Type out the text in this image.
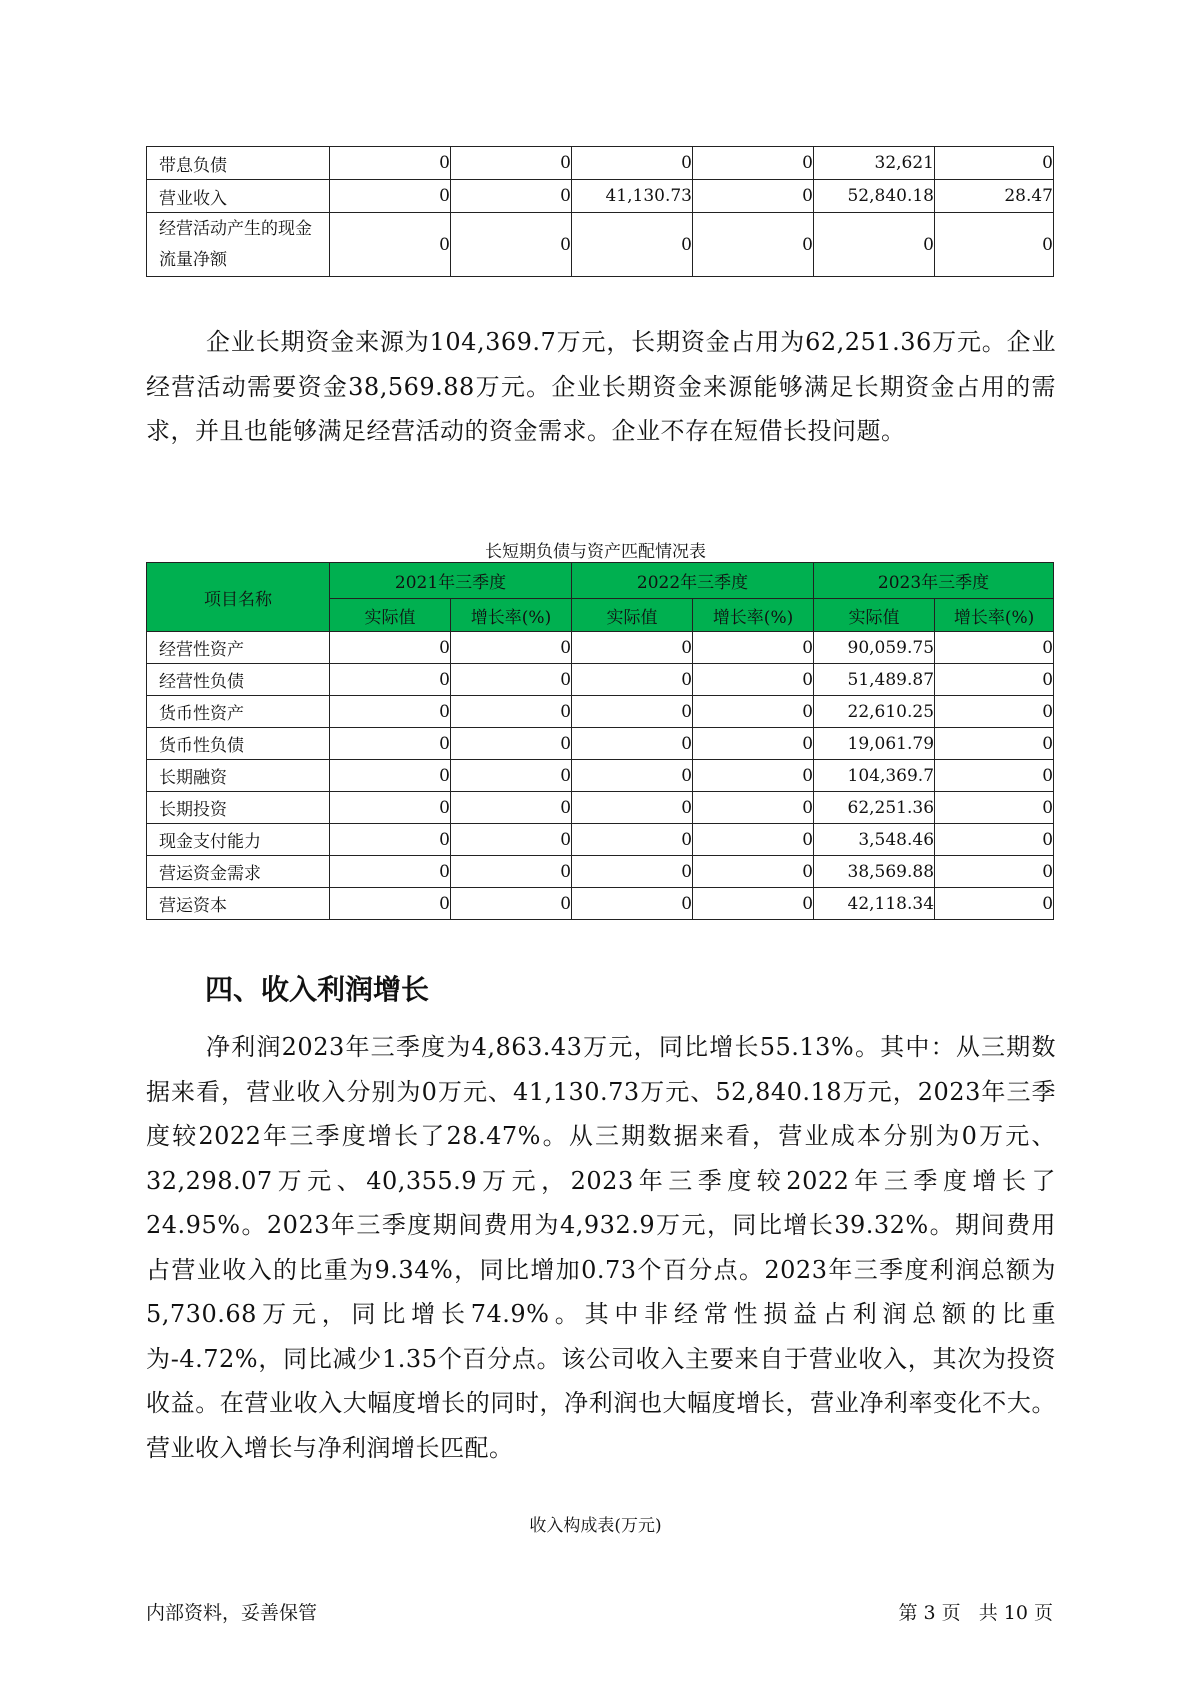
带息负债	0	0	0	0	32,621	0
营业收入	0	0	41,130.73	0	52,840.18	28.47
经营活动产生的现金流量净额	0	0	0	0	0	0

企业长期资金来源为104,369.7万元，长期资金占用为62,251.36万元。企业经营活动需要资金38,569.88万元。企业长期资金来源能够满足长期资金占用的需求，并且也能够满足经营活动的资金需求。企业不存在短借长投问题。

长短期负债与资产匹配情况表
项目名称	2021年三季度		2022年三季度		2023年三季度	
	实际值	增长率(%)	实际值	增长率(%)	实际值	增长率(%)
经营性资产	0	0	0	0	90,059.75	0
经营性负债	0	0	0	0	51,489.87	0
货币性资产	0	0	0	0	22,610.25	0
货币性负债	0	0	0	0	19,061.79	0
长期融资	0	0	0	0	104,369.7	0
长期投资	0	0	0	0	62,251.36	0
现金支付能力	0	0	0	0	3,548.46	0
营运资金需求	0	0	0	0	38,569.88	0
营运资本	0	0	0	0	42,118.34	0
四、收入利润增长

净利润2023年三季度为4,863.43万元，同比增长55.13%。其中：从三期数据来看，营业收入分别为0万元、41,130.73万元、52,840.18万元，2023年三季度较2022年三季度增长了28.47%。从三期数据来看，营业成本分别为0万元、32,298.07万元、40,355.9万元，2023年三季度较2022年三季度增长了24.95%。2023年三季度期间费用为4,932.9万元，同比增长39.32%。期间费用占营业收入的比重为9.34%，同比增加0.73个百分点。2023年三季度利润总额为5,730.68万元，同比增长74.9%。其中非经常性损益占利润总额的比重为-4.72%，同比减少1.35个百分点。该公司收入主要来自于营业收入，其次为投资收益。在营业收入大幅度增长的同时，净利润也大幅度增长，营业净利率变化不大。营业收入增长与净利润增长匹配。

收入构成表(万元)
内部资料，妥善保管	第 3 页   共 10 页
